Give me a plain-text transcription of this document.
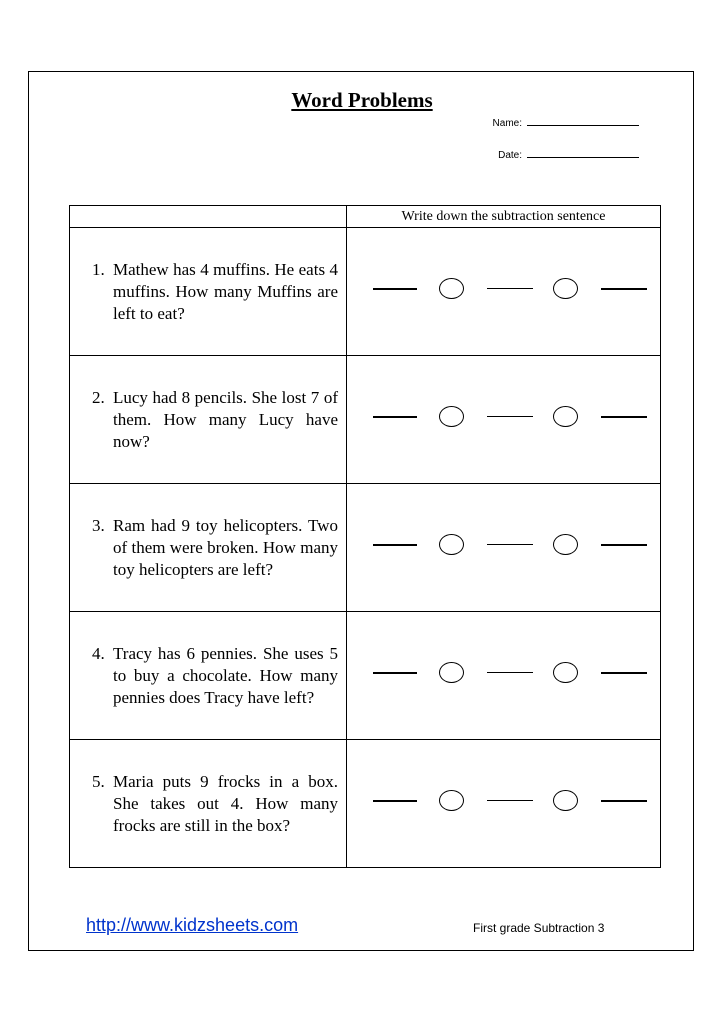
Word Problems
Name:
Date:
	Write down the subtraction sentence

1. Mathew has 4 muffins. He eats 4 muffins. How many Muffins are left to eat?	

2. Lucy had 8 pencils. She lost 7 of them. How many Lucy have now?	

3. Ram had 9 toy helicopters. Two of them were broken. How many toy helicopters are left?	

4. Tracy has 6 pennies. She uses 5 to buy a chocolate. How many pennies does Tracy have left?	

5. Maria puts 9 frocks in a box. She takes out 4. How many frocks are still in the box?	

http://www.kidzsheets.com	First grade Subtraction 3
